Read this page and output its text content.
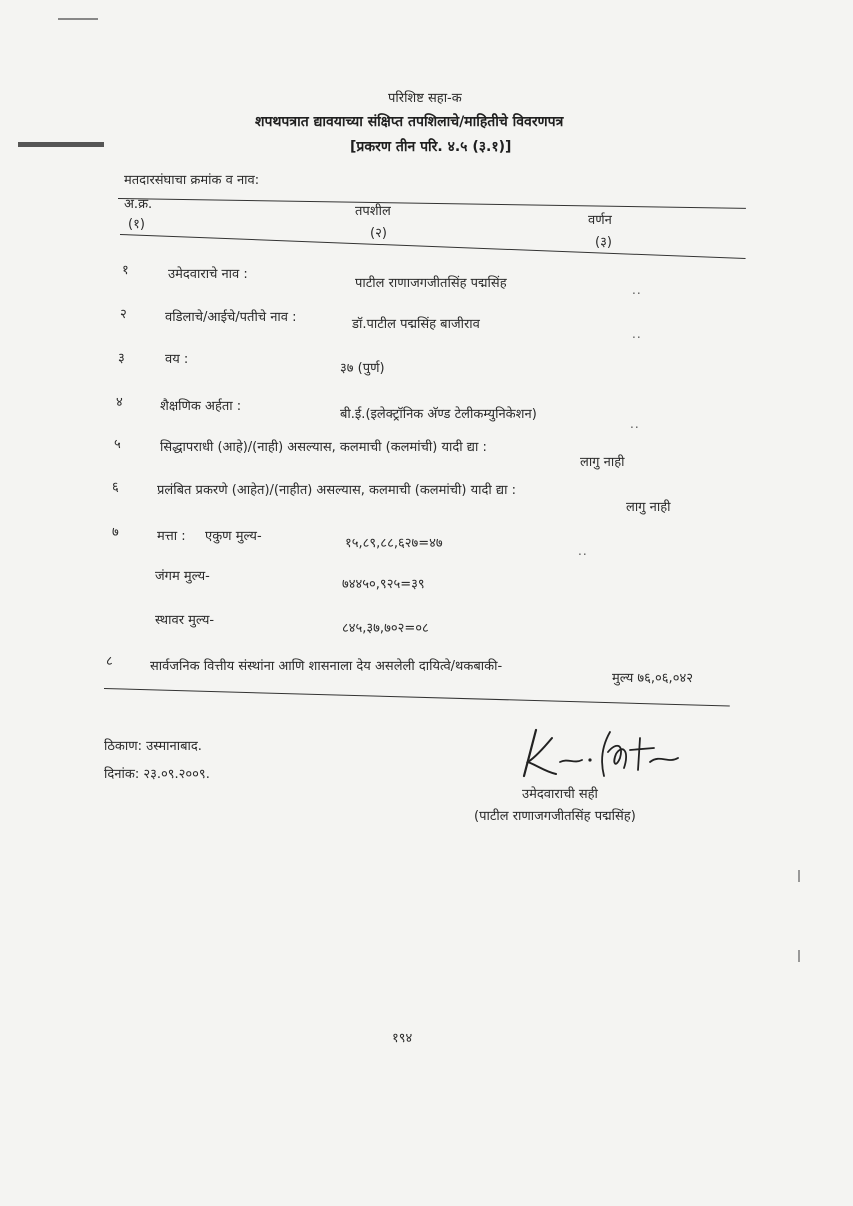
परिशिष्ट सहा-क
शपथपत्रात द्यावयाच्या संक्षिप्त तपशिलाचे/माहितीचे विवरणपत्र
[प्रकरण तीन परि. ४.५ (३.१)]
मतदारसंघाचा क्रमांक व नाव:
अ.क्र.
(१)
तपशील
(२)
वर्णन
(३)
१	उमेदवाराचे नाव :
पाटील राणाजगजीतसिंह पद्मसिंह	..
२	वडिलाचे/आईचे/पतीचे नाव :	डॉ.पाटील पद्मसिंह बाजीराव
..
३	वय :
३७ (पुर्ण)
४	शैक्षणिक अर्हता :
बी.ई.(इलेक्ट्रॉनिक अ‍ॅण्ड टेलीकम्युनिकेशन)
..
५	सिद्धापराधी (आहे)/(नाही) असल्यास, कलमाची (कलमांची) यादी द्या :
लागु नाही
६	प्रलंबित प्रकरणे (आहेत)/(नाहीत) असल्यास, कलमाची (कलमांची) यादी द्या :
लागु नाही
७	मत्ता : एकुण मुल्य-	१५,८९,८८,६२७=४७	..
जंगम मुल्य-
७४४५०,९२५=३९
स्थावर मुल्य-
८४५,३७,७०२=०८
८	सार्वजनिक वित्तीय संस्थांना आणि शासनाला देय असलेली दायित्वे/थकबाकी-
मुल्य ७६,०६,०४२
ठिकाण: उस्मानाबाद.
दिनांक: २३.०९.२००९.
उमेदवाराची सही
(पाटील राणाजगजीतसिंह पद्मसिंह)
१९४
